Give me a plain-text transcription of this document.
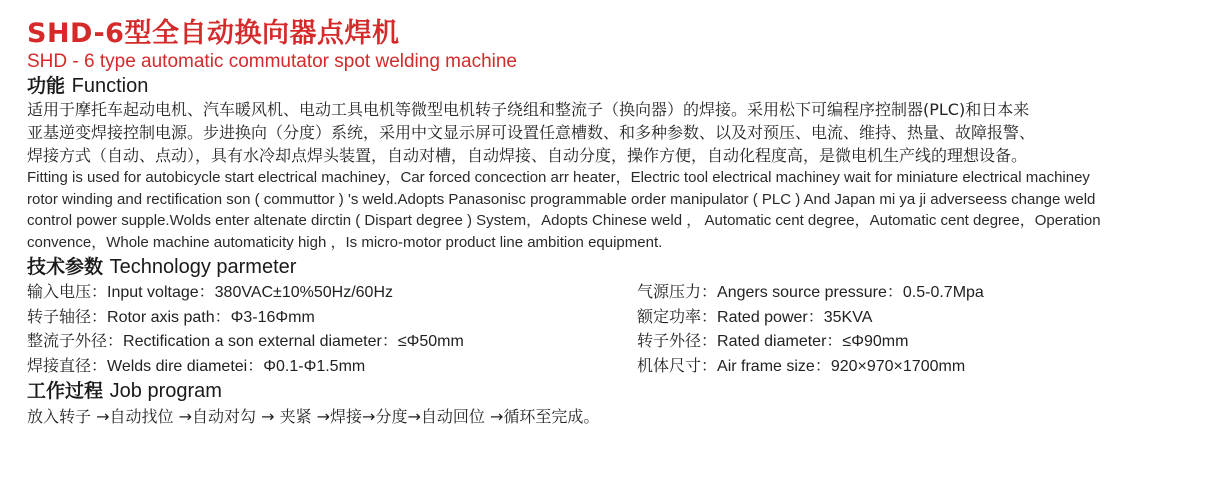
SHD-6型全自动换向器点焊机
SHD - 6 type automatic commutator spot welding machine
功能 Function
适用于摩托车起动电机、汽车暖风机、电动工具电机等微型电机转子绕组和整流子（换向器）的焊接。采用松下可编程序控制器(PLC)和日本来
亚基逆变焊接控制电源。步进换向（分度）系统，采用中文显示屏可设置任意槽数、和多种参数、以及对预压、电流、维持、热量、故障报警、
焊接方式（自动、点动），具有水冷却点焊头装置，自动对槽，自动焊接、自动分度，操作方便，自动化程度高，是微电机生产线的理想设备。
Fitting is used for autobicycle start electrical machiney，Car forced concection arr heater，Electric tool electrical machiney wait for miniature electrical machiney
rotor winding and rectification son ( commuttor ) 's weld.Adopts Panasonisc programmable order manipulator ( PLC ) And Japan mi ya ji adverseess change weld
control power supple.Wolds enter altenate dirctin ( Dispart degree ) System，Adopts Chinese weld ， Automatic cent degree，Automatic cent degree，Operation
convence，Whole machine automaticity high ，Is micro-motor product line ambition equipment.
技术参数 Technology parmeter
输入电压：Input voltage：380VAC±10%50Hz/60Hz	气源压力：Angers source pressure：0.5-0.7Mpa
转子轴径：Rotor axis path：Φ3-16Φmm	额定功率：Rated power：35KVA
整流子外径：Rectification a son external diameter：≤Φ50mm	转子外径：Rated diameter：≤Φ90mm
焊接直径：Welds dire diametei：Φ0.1-Φ1.5mm	机体尺寸：Air frame size：920×970×1700mm
工作过程 Job program
放入转子 →自动找位 →自动对勾 → 夹紧 →焊接→分度→自动回位 →循环至完成。
